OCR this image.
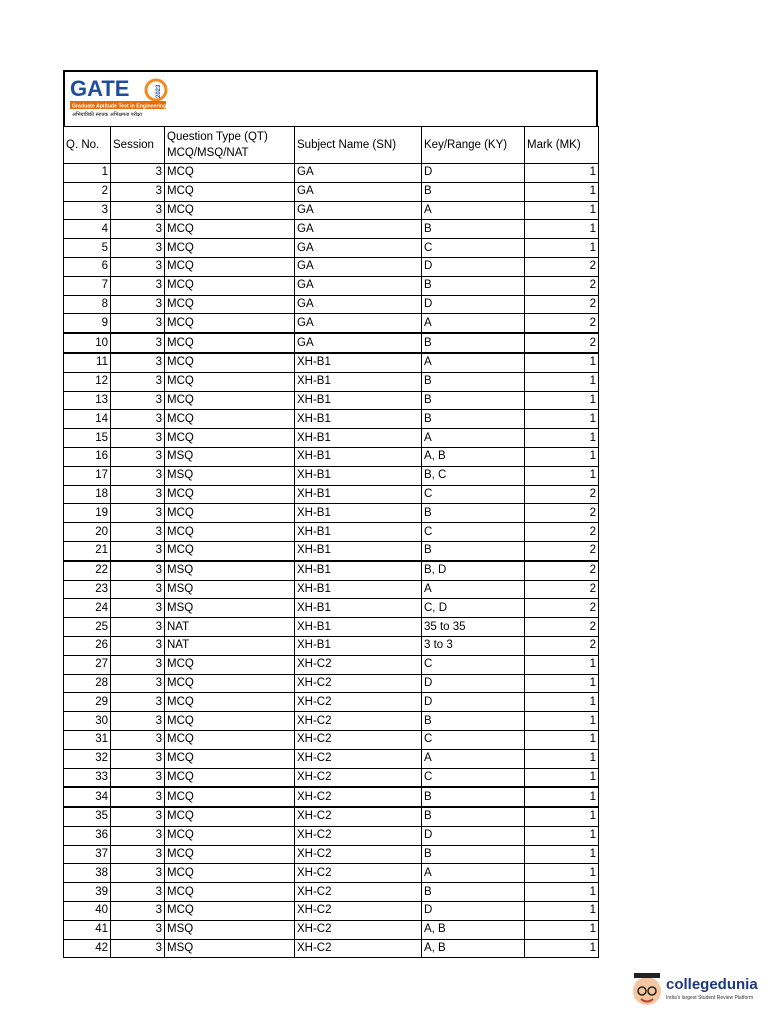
GATE	2023
Graduate Aptitude Test in Engineering
अभियांत्रिकी स्नातक अभिक्षमता परीक्षा
Q. No.	Session	Question Type (QT) MCQ/MSQ/NAT	Subject Name (SN)	Key/Range (KY)	Mark (MK)
1	3	MCQ	GA	D	1
2	3	MCQ	GA	B	1
3	3	MCQ	GA	A	1
4	3	MCQ	GA	B	1
5	3	MCQ	GA	C	1
6	3	MCQ	GA	D	2
7	3	MCQ	GA	B	2
8	3	MCQ	GA	D	2
9	3	MCQ	GA	A	2
10	3	MCQ	GA	B	2
11	3	MCQ	XH-B1	A	1
12	3	MCQ	XH-B1	B	1
13	3	MCQ	XH-B1	B	1
14	3	MCQ	XH-B1	B	1
15	3	MCQ	XH-B1	A	1
16	3	MSQ	XH-B1	A, B	1
17	3	MSQ	XH-B1	B, C	1
18	3	MCQ	XH-B1	C	2
19	3	MCQ	XH-B1	B	2
20	3	MCQ	XH-B1	C	2
21	3	MCQ	XH-B1	B	2
22	3	MSQ	XH-B1	B, D	2
23	3	MSQ	XH-B1	A	2
24	3	MSQ	XH-B1	C, D	2
25	3	NAT	XH-B1	35 to 35	2
26	3	NAT	XH-B1	3 to 3	2
27	3	MCQ	XH-C2	C	1
28	3	MCQ	XH-C2	D	1
29	3	MCQ	XH-C2	D	1
30	3	MCQ	XH-C2	B	1
31	3	MCQ	XH-C2	C	1
32	3	MCQ	XH-C2	A	1
33	3	MCQ	XH-C2	C	1
34	3	MCQ	XH-C2	B	1
35	3	MCQ	XH-C2	B	1
36	3	MCQ	XH-C2	D	1
37	3	MCQ	XH-C2	B	1
38	3	MCQ	XH-C2	A	1
39	3	MCQ	XH-C2	B	1
40	3	MCQ	XH-C2	D	1
41	3	MSQ	XH-C2	A, B	1
42	3	MSQ	XH-C2	A, B	1
collegedunia
India's largest Student Review Platform
